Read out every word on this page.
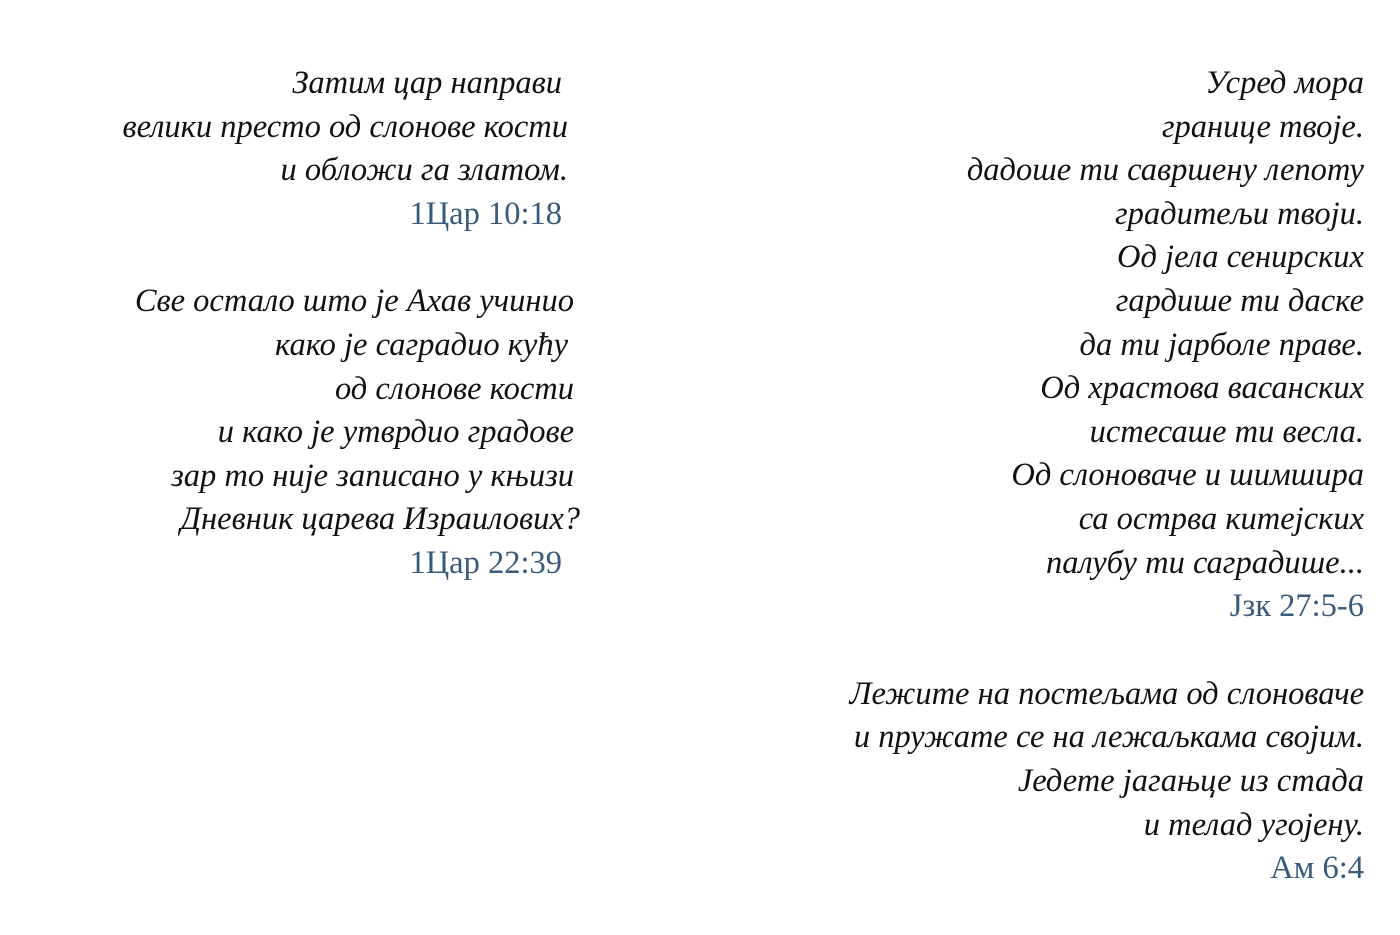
Затим цар направи
велики престо од слонове кости
и обложи га златом.
1Цар 10:18
Све остало што је Ахав учинио
како је саградио кућу
од слонове кости
и како је утврдио градове
зар то није записано у књизи
Дневник царева Израилових?
1Цар 22:39
Усред мора
границе твоје.
дадоше ти савршену лепоту
градитељи твоји.
Од јела сенирских
гардише ти даске
да ти јарболе праве.
Од храстова васанских
истесаше ти весла.
Од слоноваче и шимшира
са острва китејских
палубу ти саградише...
Јзк 27:5-6
Лежите на постељама од слоноваче
и пружате се на лежаљкама својим.
Једете јагањце из стада
и телад угојену.
Ам 6:4
